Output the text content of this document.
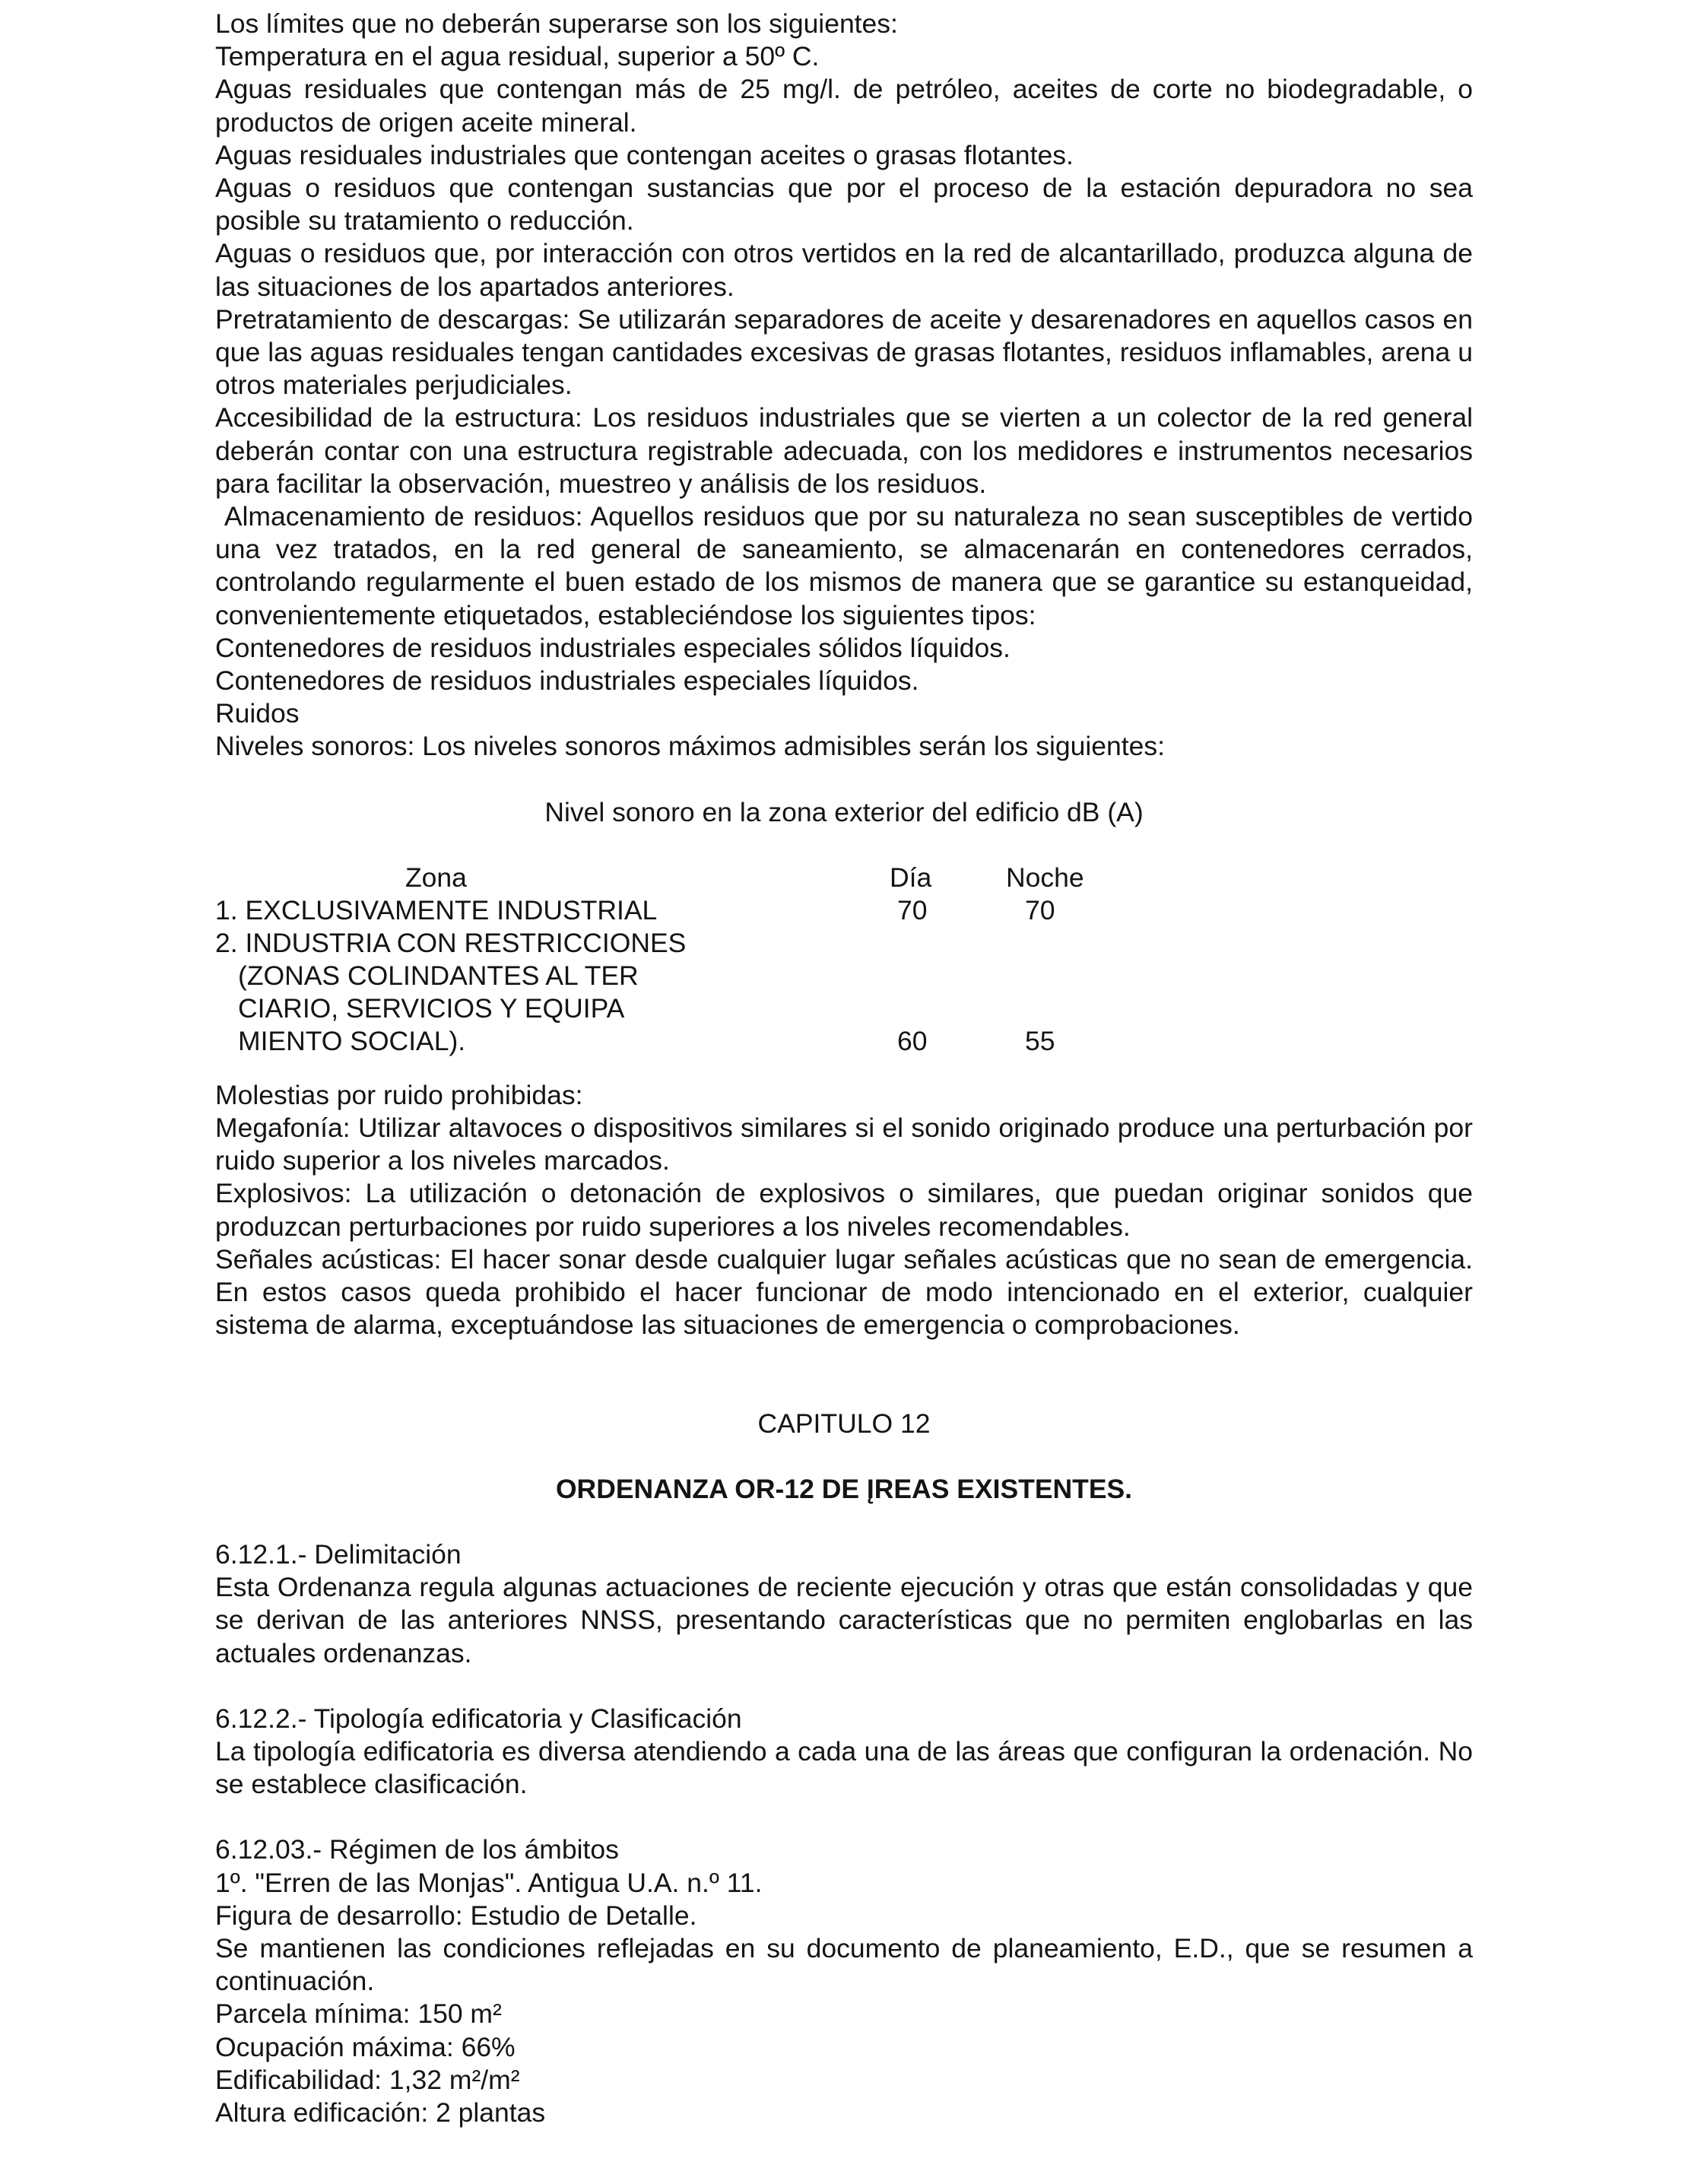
Los límites que no deberán superarse son los siguientes:
Temperatura en el agua residual, superior a 50º C.

Aguas residuales que contengan más de 25 mg/l. de petróleo, aceites de corte no biodegradable, o productos de origen aceite mineral.

Aguas residuales industriales que contengan aceites o grasas flotantes.

Aguas o residuos que contengan sustancias que por el proceso de la estación depuradora no sea posible su tratamiento o reducción.

Aguas o residuos que, por interacción con otros vertidos en la red de alcantarillado, produzca alguna de las situaciones de los apartados anteriores.

Pretratamiento de descargas: Se utilizarán separadores de aceite y desarenadores en aquellos casos en que las aguas residuales tengan cantidades excesivas de grasas flotantes, residuos inflamables, arena u otros materiales perjudiciales.

Accesibilidad de la estructura: Los residuos industriales que se vierten a un colector de la red general deberán contar con una estructura registrable adecuada, con los medidores e instrumentos necesarios para facilitar la observación, muestreo y análisis de los residuos.

Almacenamiento de residuos: Aquellos residuos que por su naturaleza no sean susceptibles de vertido una vez tratados, en la red general de saneamiento, se almacenarán en contenedores cerrados, controlando regularmente el buen estado de los mismos de manera que se garantice su estanqueidad, convenientemente etiquetados, estableciéndose los siguientes tipos:

Contenedores de residuos industriales especiales sólidos líquidos.
Contenedores de residuos industriales especiales líquidos.
Ruidos
Niveles sonoros: Los niveles sonoros máximos admisibles serán los siguientes:
Nivel sonoro en la zona exterior del edificio dB (A)
Zona	Día	Noche
1. EXCLUSIVAMENTE INDUSTRIAL	70	70
2. INDUSTRIA CON RESTRICCIONES
(ZONAS COLINDANTES AL TER
CIARIO, SERVICIOS Y EQUIPA
MIENTO SOCIAL).	60	55
Molestias por ruido prohibidas:

Megafonía: Utilizar altavoces o dispositivos similares si el sonido originado produce una perturbación por ruido superior a los niveles marcados.

Explosivos: La utilización o detonación de explosivos o similares, que puedan originar sonidos que produzcan perturbaciones por ruido superiores a los niveles recomendables.

Señales acústicas: El hacer sonar desde cualquier lugar señales acústicas que no sean de emergencia. En estos casos queda prohibido el hacer funcionar de modo intencionado en el exterior, cualquier sistema de alarma, exceptuándose las situaciones de emergencia o comprobaciones.

CAPITULO 12
ORDENANZA OR-12 DE ĮREAS EXISTENTES.
6.12.1.- Delimitación

Esta Ordenanza regula algunas actuaciones de reciente ejecución y otras que están consolidadas y que se derivan de las anteriores NNSS, presentando características que no permiten englobarlas en las actuales ordenanzas.

6.12.2.- Tipología edificatoria y Clasificación

La tipología edificatoria es diversa atendiendo a cada una de las áreas que configuran la ordenación. No se establece clasificación.

6.12.03.- Régimen de los ámbitos
1º. "Erren de las Monjas". Antigua U.A. n.º 11.
Figura de desarrollo: Estudio de Detalle.

Se mantienen las condiciones reflejadas en su documento de planeamiento, E.D., que se resumen a continuación.

Parcela mínima: 150 m²
Ocupación máxima: 66%
Edificabilidad: 1,32 m²/m²
Altura edificación: 2 plantas
